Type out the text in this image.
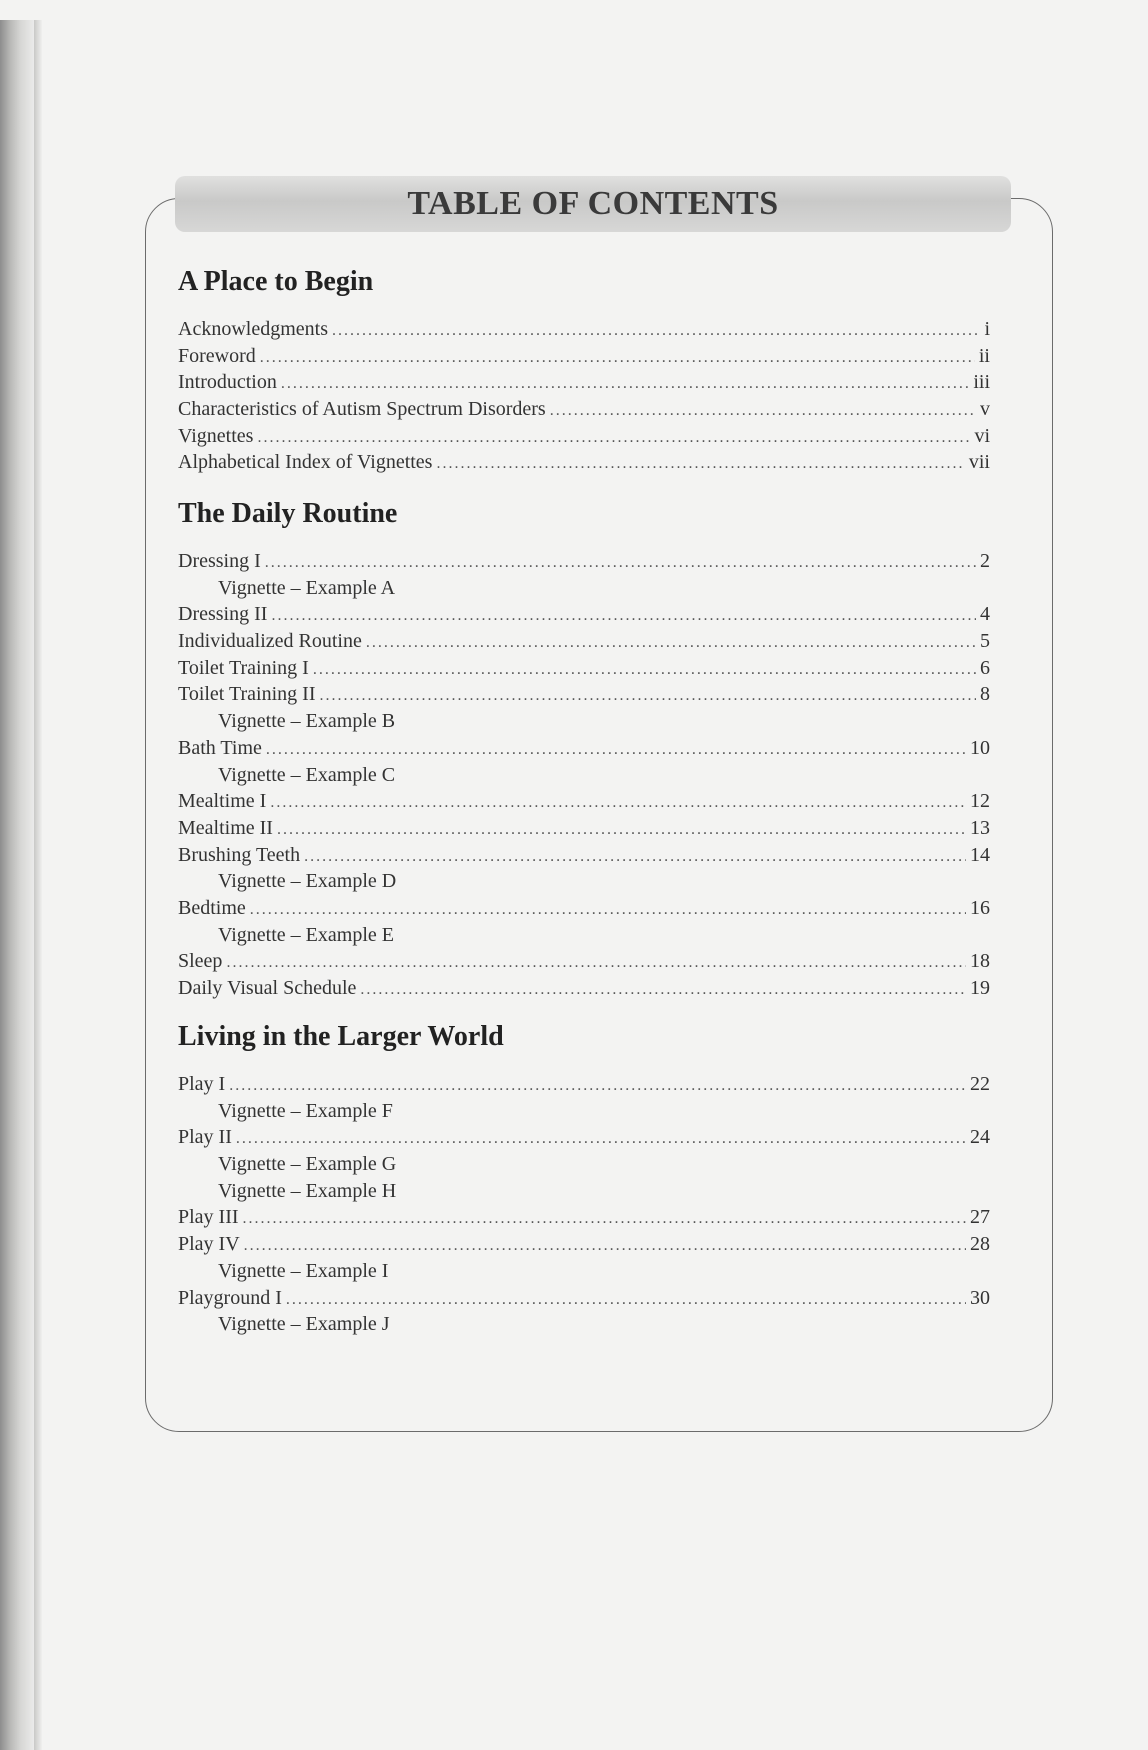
TABLE OF CONTENTS
A Place to Begin
Acknowledgments . . .	i
Foreword . . .	ii
Introduction . . .	iii
Characteristics of Autism Spectrum Disorders . . .	v
Vignettes . . .	vi
Alphabetical Index of Vignettes . . .	vii
The Daily Routine
Dressing I . . .	2
Vignette – Example A
Dressing II . . .	4
Individualized Routine . . .	5
Toilet Training I . . .	6
Toilet Training II . . .	8
Vignette – Example B
Bath Time . . .	10
Vignette – Example C
Mealtime I . . .	12
Mealtime II . . .	13
Brushing Teeth . . .	14
Vignette – Example D
Bedtime . . .	16
Vignette – Example E
Sleep . . .	18
Daily Visual Schedule . . .	19
Living in the Larger World
Play I . . .	22
Vignette – Example F
Play II . . .	24
Vignette – Example G
Vignette – Example H
Play III . . .	27
Play IV . . .	28
Vignette – Example I
Playground I . . .	30
Vignette – Example J
